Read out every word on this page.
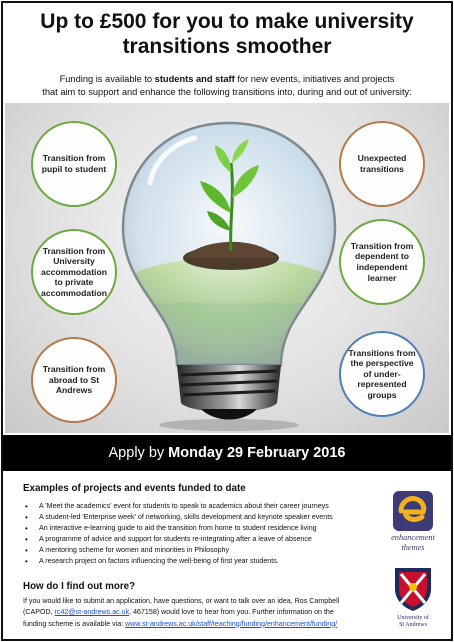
Up to £500 for you to make university
transitions smoother
Funding is available to students and staff for new events, initiatives and projects
that aim to support and enhance the following transitions into, during and out of university:
Transition from pupil to student
Transition from University accommodation to private accommodation
Transition from abroad to St Andrews
Unexpected transitions
Transition from dependent to independent learner
Transitions from the perspective of under-represented groups
Apply by Monday 29 February 2016
Examples of projects and events funded to date
• A 'Meet the academics' event for students to speak to academics about their career journeys
• A student-led 'Enterprise week' of networking, skills development and keynote speaker events
• An interactive e-learning guide to aid the transition from home to student residence living
• A programme of advice and support for students re-integrating after a leave of absence
• A mentoring scheme for women and minorities in Philosophy
• A research project on factors influencing the well-being of first year students.
How do I find out more?
If you would like to submit an application, have questions, or want to talk over an idea, Ros Campbell
(CAPOD, rc42@st-andrews.ac.uk, 467158) would love to hear from you. Further information on the
funding scheme is available via: www.st-andrews.ac.uk/staff/teaching/funding/enhancement/funding/
enhancement
themes
University of
St Andrews
